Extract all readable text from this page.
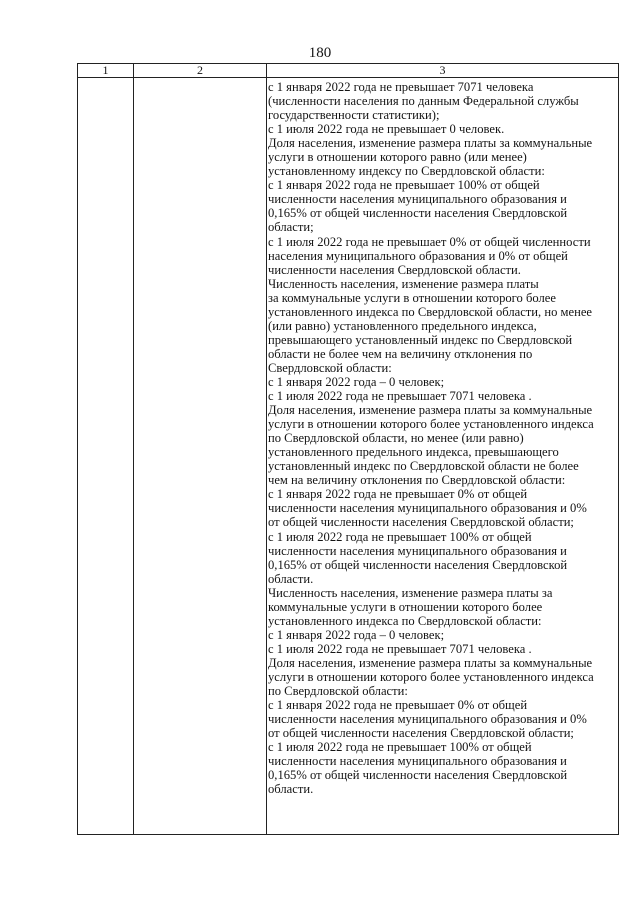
180
1	2	3
с 1 января 2022 года не превышает 7071 человека
(численности населения по данным Федеральной службы
государственности статистики);
с 1 июля 2022 года не превышает 0 человек.
Доля населения, изменение размера платы за коммунальные
услуги в отношении которого равно (или менее)
установленному индексу по Свердловской области:
с 1 января 2022 года не превышает 100% от общей
численности населения муниципального образования и
0,165% от общей численности населения Свердловской
области;
с 1 июля 2022 года не превышает 0% от общей численности
населения муниципального образования и 0% от общей
численности населения Свердловской области.
Численность населения, изменение размера платы
за коммунальные услуги в отношении которого более
установленного индекса по Свердловской области, но менее
(или равно) установленного предельного индекса,
превышающего установленный индекс по Свердловской
области не более чем на величину отклонения по
Свердловской области:
с 1 января 2022 года – 0 человек;
с 1 июля 2022 года не превышает 7071 человека .
Доля населения, изменение размера платы за коммунальные
услуги в отношении которого более установленного индекса
по Свердловской области, но менее (или равно)
установленного предельного индекса, превышающего
установленный индекс по Свердловской области не более
чем на величину отклонения по Свердловской области:
с 1 января 2022 года не превышает 0% от общей
численности населения муниципального образования и 0%
от общей численности населения Свердловской области;
с 1 июля 2022 года не превышает 100% от общей
численности населения муниципального образования и
0,165% от общей численности населения Свердловской
области.
Численность населения, изменение размера платы за
коммунальные услуги в отношении которого более
установленного индекса по Свердловской области:
с 1 января 2022 года – 0 человек;
с 1 июля 2022 года не превышает 7071 человека .
Доля населения, изменение размера платы за коммунальные
услуги в отношении которого более установленного индекса
по Свердловской области:
с 1 января 2022 года не превышает 0% от общей
численности населения муниципального образования и 0%
от общей численности населения Свердловской области;
с 1 июля 2022 года не превышает 100% от общей
численности населения муниципального образования и
0,165% от общей численности населения Свердловской
области.
